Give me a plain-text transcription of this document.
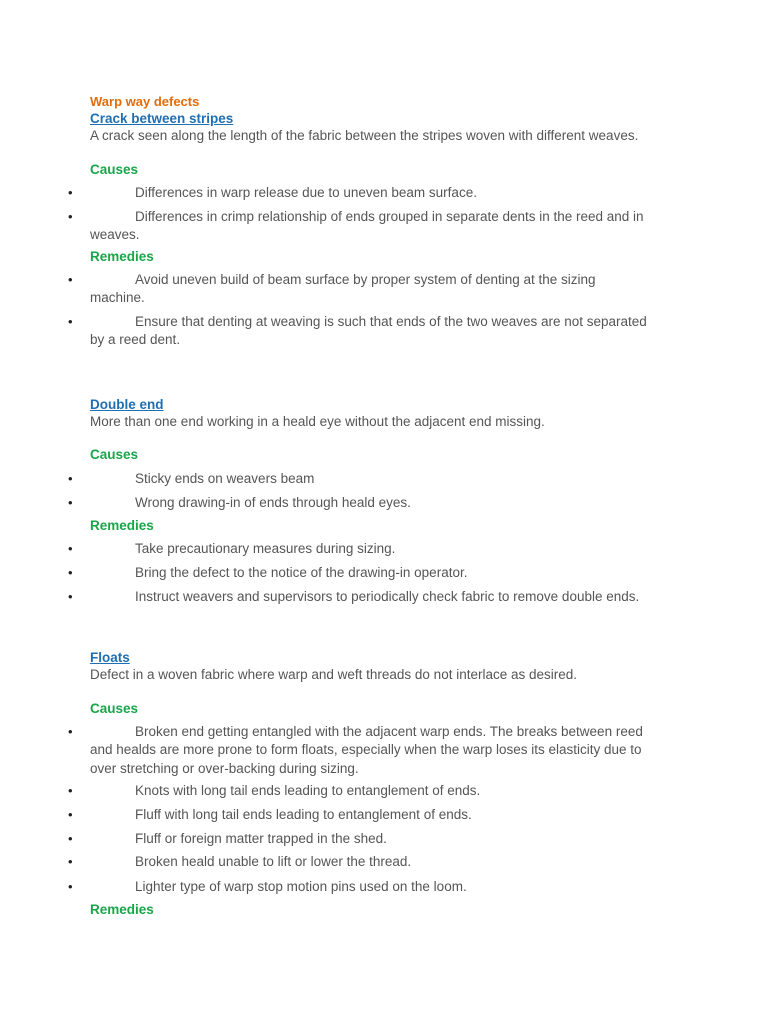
Warp way defects
Crack between stripes

A crack seen along the length of the fabric between the stripes woven with different weaves.

Causes

•	Differences in warp release due to uneven beam surface.

•	Differences in crimp relationship of ends grouped in separate dents in the reed and in weaves.

Remedies

•	Avoid uneven build of beam surface by proper system of denting at the sizing machine.

•	Ensure that denting at weaving is such that ends of the two weaves are not separated by a reed dent.

Double end

More than one end working in a heald eye without the adjacent end missing.

Causes

•	Sticky ends on weavers beam

•	Wrong drawing-in of ends through heald eyes.

Remedies

•	Take precautionary measures during sizing.

•	Bring the defect to the notice of the drawing-in operator.

•	Instruct weavers and supervisors to periodically check fabric to remove double ends.

Floats

Defect in a woven fabric where warp and weft threads do not interlace as desired.

Causes

•	Broken end getting entangled with the adjacent warp ends. The breaks between reed and healds are more prone to form floats, especially when the warp loses its elasticity due to over stretching or over-backing during sizing.

•	Knots with long tail ends leading to entanglement of ends.

•	Fluff with long tail ends leading to entanglement of ends.

•	Fluff or foreign matter trapped in the shed.

•	Broken heald unable to lift or lower the thread.

•	Lighter type of warp stop motion pins used on the loom.

Remedies
